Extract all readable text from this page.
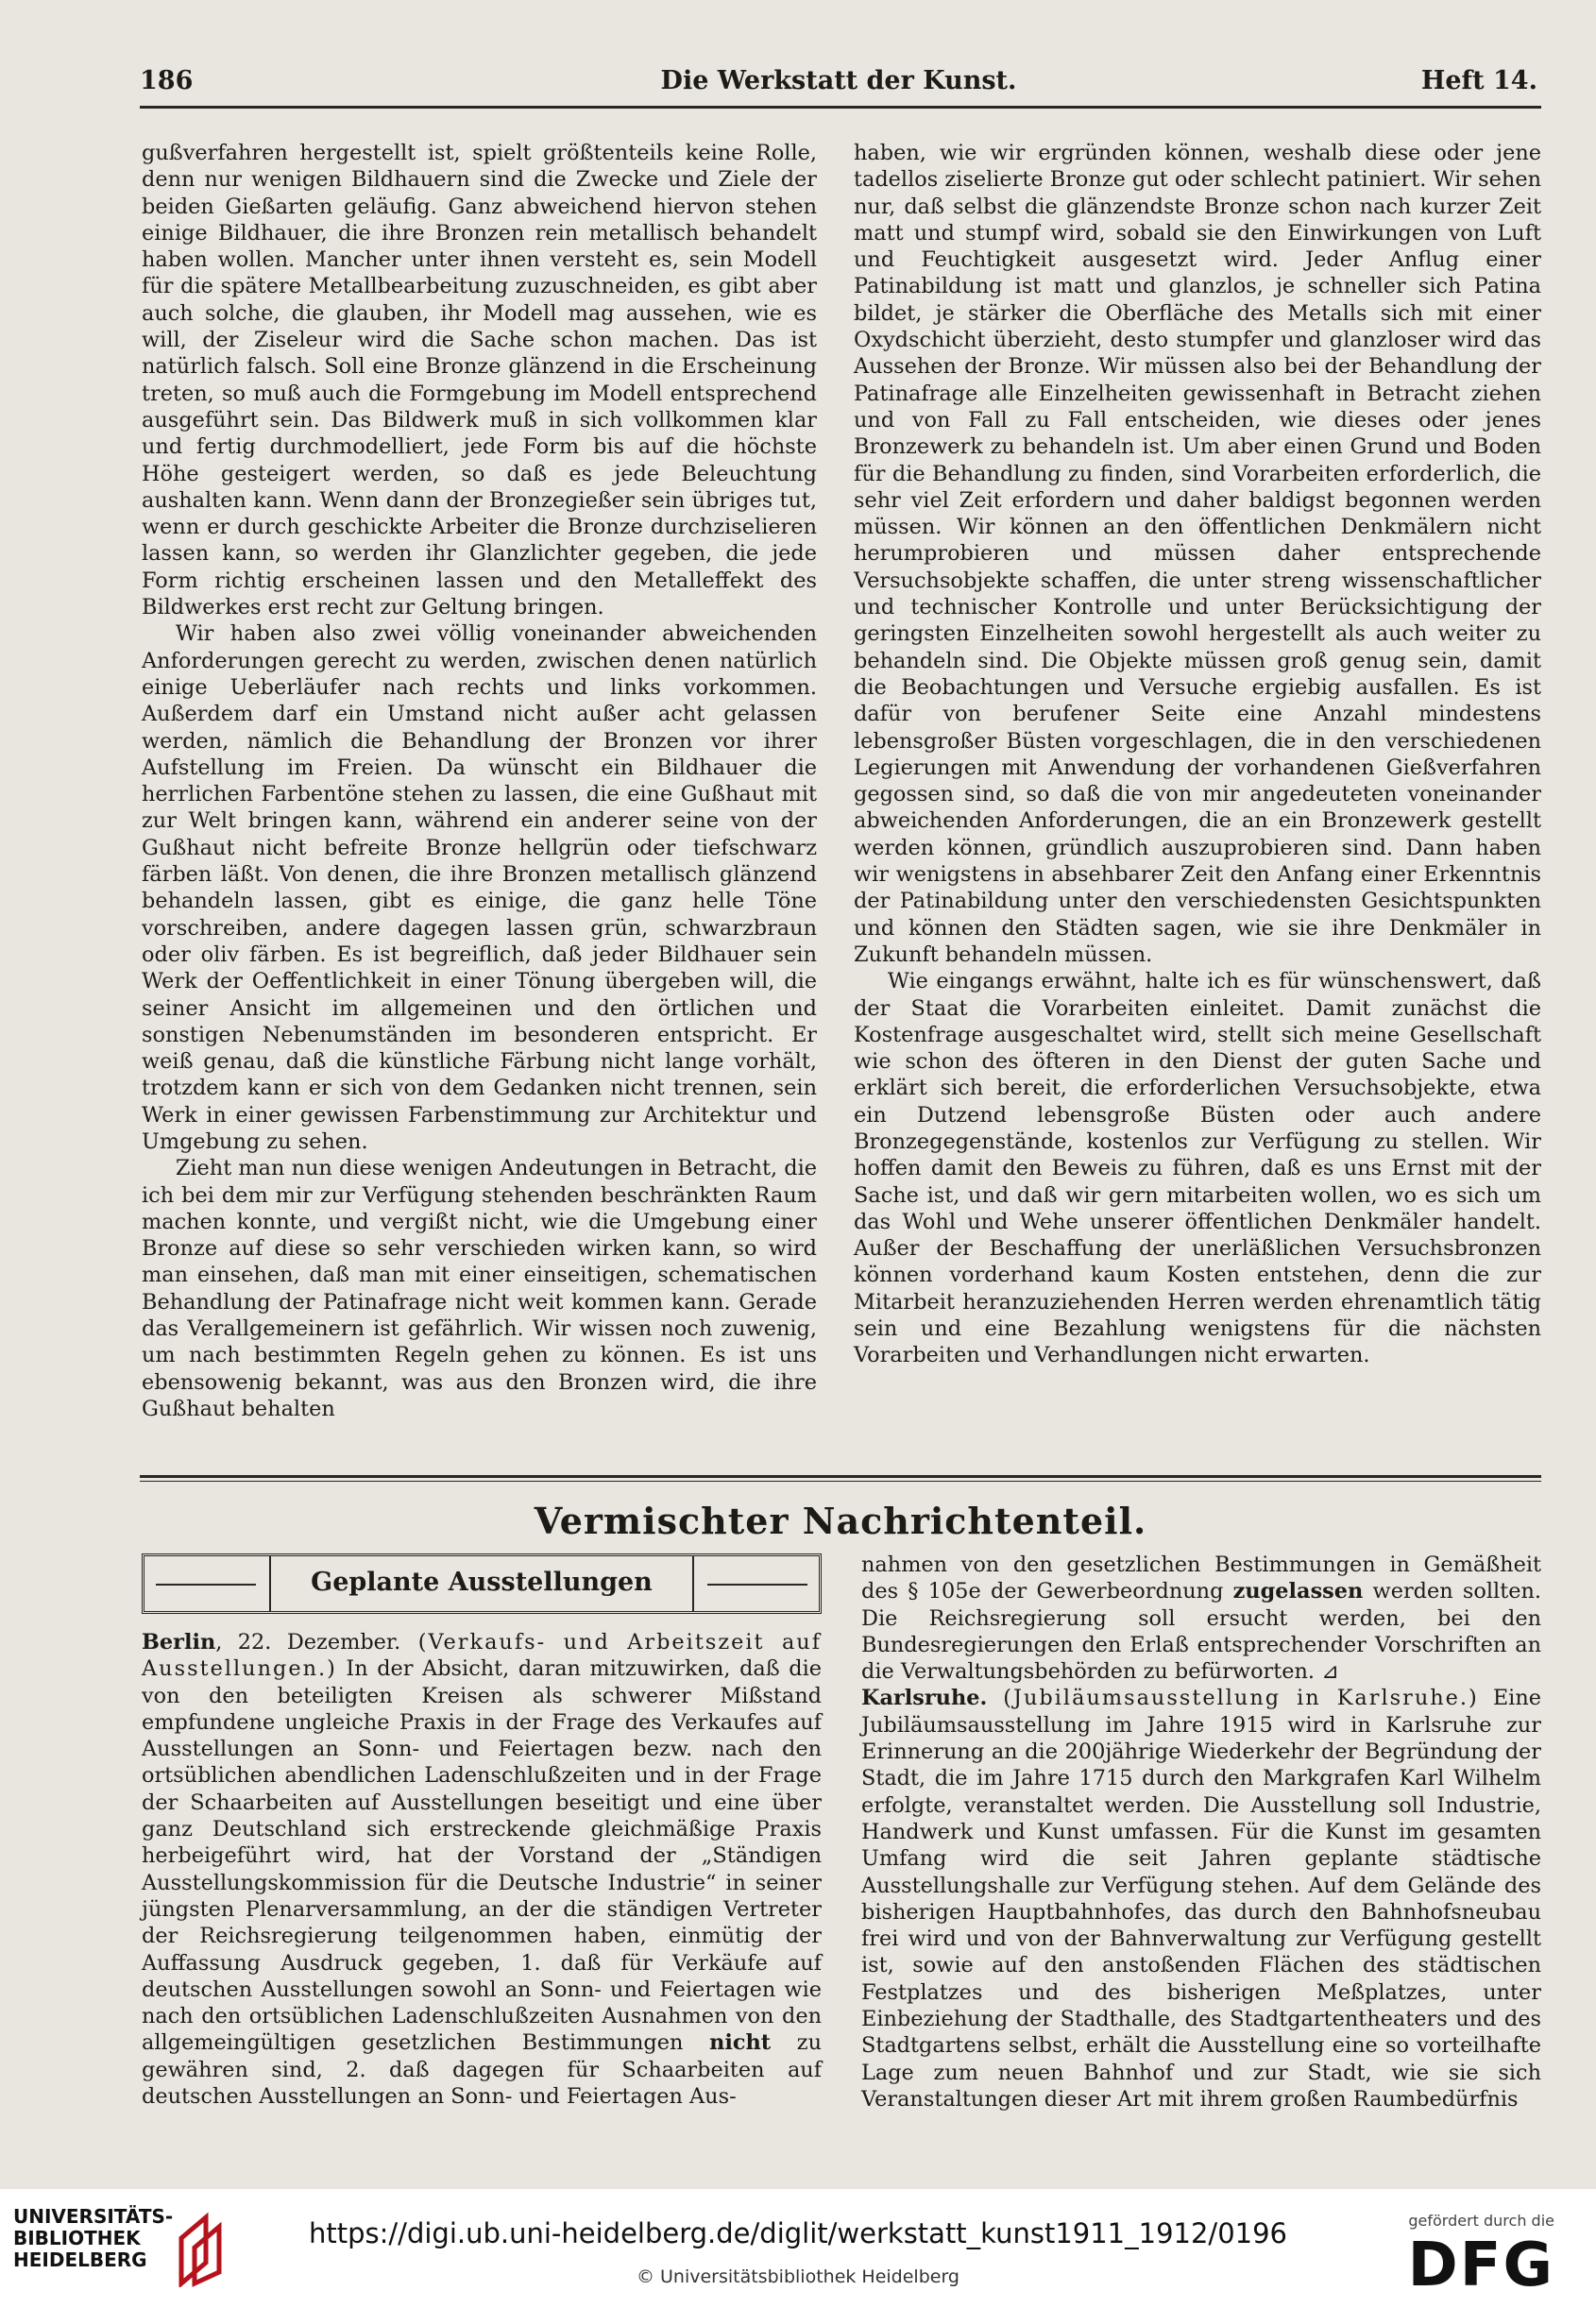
186	Die Werkstatt der Kunst.	Heft 14.

gußverfahren hergestellt ist, spielt größtenteils keine Rolle, denn nur wenigen Bildhauern sind die Zwecke und Ziele der beiden Gießarten geläufig. Ganz abweichend hiervon stehen einige Bildhauer, die ihre Bronzen rein metallisch behandelt haben wollen. Mancher unter ihnen versteht es, sein Modell für die spätere Metallbearbeitung zuzuschneiden, es gibt aber auch solche, die glauben, ihr Modell mag aussehen, wie es will, der Ziseleur wird die Sache schon machen. Das ist natürlich falsch. Soll eine Bronze glänzend in die Erscheinung treten, so muß auch die Formgebung im Modell entsprechend ausgeführt sein. Das Bildwerk muß in sich vollkommen klar und fertig durchmodelliert, jede Form bis auf die höchste Höhe gesteigert werden, so daß es jede Beleuchtung aushalten kann. Wenn dann der Bronzegießer sein übriges tut, wenn er durch geschickte Arbeiter die Bronze durchziselieren lassen kann, so werden ihr Glanzlichter gegeben, die jede Form richtig erscheinen lassen und den Metalleffekt des Bildwerkes erst recht zur Geltung bringen.

Wir haben also zwei völlig voneinander abweichenden Anforderungen gerecht zu werden, zwischen denen natürlich einige Ueberläufer nach rechts und links vorkommen. Außerdem darf ein Umstand nicht außer acht gelassen werden, nämlich die Behandlung der Bronzen vor ihrer Aufstellung im Freien. Da wünscht ein Bildhauer die herrlichen Farbentöne stehen zu lassen, die eine Gußhaut mit zur Welt bringen kann, während ein anderer seine von der Gußhaut nicht befreite Bronze hellgrün oder tiefschwarz färben läßt. Von denen, die ihre Bronzen metallisch glänzend behandeln lassen, gibt es einige, die ganz helle Töne vorschreiben, andere dagegen lassen grün, schwarzbraun oder oliv färben. Es ist begreiflich, daß jeder Bildhauer sein Werk der Oeffentlichkeit in einer Tönung übergeben will, die seiner Ansicht im allgemeinen und den örtlichen und sonstigen Nebenumständen im besonderen entspricht. Er weiß genau, daß die künstliche Färbung nicht lange vorhält, trotzdem kann er sich von dem Gedanken nicht trennen, sein Werk in einer gewissen Farbenstimmung zur Architektur und Umgebung zu sehen.

Zieht man nun diese wenigen Andeutungen in Betracht, die ich bei dem mir zur Verfügung stehenden beschränkten Raum machen konnte, und vergißt nicht, wie die Umgebung einer Bronze auf diese so sehr verschieden wirken kann, so wird man einsehen, daß man mit einer einseitigen, schematischen Behandlung der Patinafrage nicht weit kommen kann. Gerade das Verallgemeinern ist gefährlich. Wir wissen noch zuwenig, um nach bestimmten Regeln gehen zu können. Es ist uns ebensowenig bekannt, was aus den Bronzen wird, die ihre Gußhaut behalten

haben, wie wir ergründen können, weshalb diese oder jene tadellos ziselierte Bronze gut oder schlecht patiniert. Wir sehen nur, daß selbst die glänzendste Bronze schon nach kurzer Zeit matt und stumpf wird, sobald sie den Einwirkungen von Luft und Feuchtigkeit ausgesetzt wird. Jeder Anflug einer Patinabildung ist matt und glanzlos, je schneller sich Patina bildet, je stärker die Oberfläche des Metalls sich mit einer Oxydschicht überzieht, desto stumpfer und glanzloser wird das Aussehen der Bronze. Wir müssen also bei der Behandlung der Patinafrage alle Einzelheiten gewissenhaft in Betracht ziehen und von Fall zu Fall entscheiden, wie dieses oder jenes Bronzewerk zu behandeln ist. Um aber einen Grund und Boden für die Behandlung zu finden, sind Vorarbeiten erforderlich, die sehr viel Zeit erfordern und daher baldigst begonnen werden müssen. Wir können an den öffentlichen Denkmälern nicht herumprobieren und müssen daher entsprechende Versuchsobjekte schaffen, die unter streng wissenschaftlicher und technischer Kontrolle und unter Berücksichtigung der geringsten Einzelheiten sowohl hergestellt als auch weiter zu behandeln sind. Die Objekte müssen groß genug sein, damit die Beobachtungen und Versuche ergiebig ausfallen. Es ist dafür von berufener Seite eine Anzahl mindestens lebensgroßer Büsten vorgeschlagen, die in den verschiedenen Legierungen mit Anwendung der vorhandenen Gießverfahren gegossen sind, so daß die von mir angedeuteten voneinander abweichenden Anforderungen, die an ein Bronzewerk gestellt werden können, gründlich auszuprobieren sind. Dann haben wir wenigstens in absehbarer Zeit den Anfang einer Erkenntnis der Patinabildung unter den verschiedensten Gesichtspunkten und können den Städten sagen, wie sie ihre Denkmäler in Zukunft behandeln müssen.

Wie eingangs erwähnt, halte ich es für wünschenswert, daß der Staat die Vorarbeiten einleitet. Damit zunächst die Kostenfrage ausgeschaltet wird, stellt sich meine Gesellschaft wie schon des öfteren in den Dienst der guten Sache und erklärt sich bereit, die erforderlichen Versuchsobjekte, etwa ein Dutzend lebensgroße Büsten oder auch andere Bronzegegenstände, kostenlos zur Verfügung zu stellen. Wir hoffen damit den Beweis zu führen, daß es uns Ernst mit der Sache ist, und daß wir gern mitarbeiten wollen, wo es sich um das Wohl und Wehe unserer öffentlichen Denkmäler handelt. Außer der Beschaffung der unerläßlichen Versuchsbronzen können vorderhand kaum Kosten entstehen, denn die zur Mitarbeit heranzuziehenden Herren werden ehrenamtlich tätig sein und eine Bezahlung wenigstens für die nächsten Vorarbeiten und Verhandlungen nicht erwarten.

Vermischter Nachrichtenteil.
Geplante Ausstellungen

Berlin, 22. Dezember. (Verkaufs- und Arbeitszeit auf Ausstellungen.) In der Absicht, daran mitzuwirken, daß die von den beteiligten Kreisen als schwerer Mißstand empfundene ungleiche Praxis in der Frage des Verkaufes auf Ausstellungen an Sonn- und Feiertagen bezw. nach den ortsüblichen abendlichen Ladenschlußzeiten und in der Frage der Schaarbeiten auf Ausstellungen beseitigt und eine über ganz Deutschland sich erstreckende gleichmäßige Praxis herbeigeführt wird, hat der Vorstand der „Ständigen Ausstellungskommission für die Deutsche Industrie“ in seiner jüngsten Plenarversammlung, an der die ständigen Vertreter der Reichsregierung teilgenommen haben, einmütig der Auffassung Ausdruck gegeben, 1. daß für Verkäufe auf deutschen Ausstellungen sowohl an Sonn- und Feiertagen wie nach den ortsüblichen Ladenschlußzeiten Ausnahmen von den allgemeingültigen gesetzlichen Bestimmungen nicht zu gewähren sind, 2. daß dagegen für Schaarbeiten auf deutschen Ausstellungen an Sonn- und Feiertagen Aus-

nahmen von den gesetzlichen Bestimmungen in Gemäßheit des § 105e der Gewerbeordnung zugelassen werden sollten. Die Reichsregierung soll ersucht werden, bei den Bundesregierungen den Erlaß entsprechender Vorschriften an die Verwaltungsbehörden zu befürworten. ⊿

Karlsruhe. (Jubiläumsausstellung in Karlsruhe.) Eine Jubiläumsausstellung im Jahre 1915 wird in Karlsruhe zur Erinnerung an die 200jährige Wiederkehr der Begründung der Stadt, die im Jahre 1715 durch den Markgrafen Karl Wilhelm erfolgte, veranstaltet werden. Die Ausstellung soll Industrie, Handwerk und Kunst umfassen. Für die Kunst im gesamten Umfang wird die seit Jahren geplante städtische Ausstellungshalle zur Verfügung stehen. Auf dem Gelände des bisherigen Hauptbahnhofes, das durch den Bahnhofsneubau frei wird und von der Bahnverwaltung zur Verfügung gestellt ist, sowie auf den anstoßenden Flächen des städtischen Festplatzes und des bisherigen Meßplatzes, unter Einbeziehung der Stadthalle, des Stadtgartentheaters und des Stadtgartens selbst, erhält die Ausstellung eine so vorteilhafte Lage zum neuen Bahnhof und zur Stadt, wie sie sich Veranstaltungen dieser Art mit ihrem großen Raumbedürfnis

UNIVERSITÄTS-
BIBLIOTHEK
HEIDELBERG
https://digi.ub.uni-heidelberg.de/diglit/werkstatt_kunst1911_1912/0196
© Universitätsbibliothek Heidelberg
gefördert durch die
DFG
